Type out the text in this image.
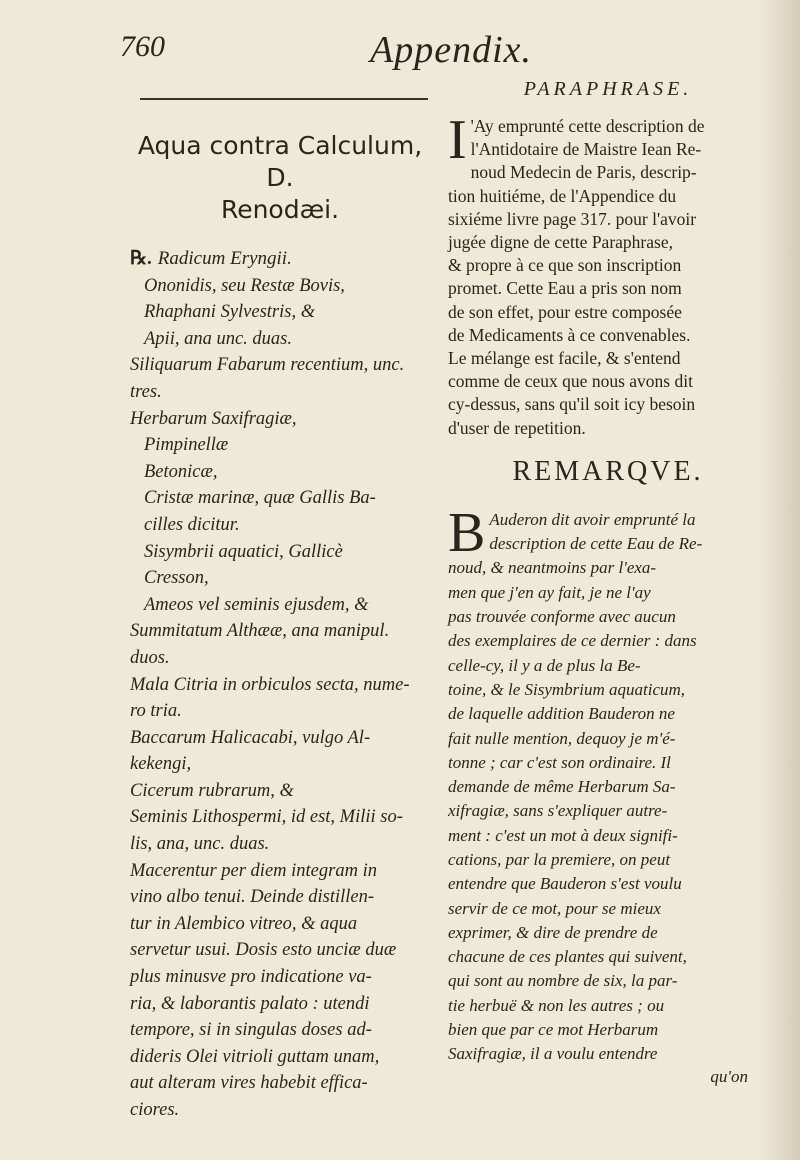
760	Appendix.
Aqua contra Calculum, D.
Renodæi.
℞. Radicum Eryngii.
Ononidis, seu Restæ Bovis,
Rhaphani Sylvestris, &
Apii, ana unc. duas.
Siliquarum Fabarum recentium, unc.
tres.
Herbarum Saxifragiæ,
Pimpinellæ
Betonicæ,
Cristæ marinæ, quæ Gallis Ba-
cilles dicitur.
Sisymbrii aquatici, Gallicè
Cresson,
Ameos vel seminis ejusdem, &
Summitatum Althææ, ana manipul.
duos.
Mala Citria in orbiculos secta, nume-
ro tria.
Baccarum Halicacabi, vulgo Al-
kekengi,
Cicerum rubrarum, &
Seminis Lithospermi, id est, Milii so-
lis, ana, unc. duas.
Macerentur per diem integram in
vino albo tenui. Deinde distillen-
tur in Alembico vitreo, & aqua
servetur usui. Dosis esto unciæ duæ
plus minusve pro indicatione va-
ria, & laborantis palato : utendi
tempore, si in singulas doses ad-
dideris Olei vitrioli guttam unam,
aut alteram vires habebit effica-
ciores.
PARAPHRASE.
I 'Ay emprunté cette description de
l'Antidotaire de Maistre Iean Re-
noud Medecin de Paris, descrip-
tion huitiéme, de l'Appendice du
sixiéme livre page 317. pour l'avoir
jugée digne de cette Paraphrase,
& propre à ce que son inscription
promet. Cette Eau a pris son nom
de son effet, pour estre composée
de Medicaments à ce convenables.
Le mélange est facile, & s'entend
comme de ceux que nous avons dit
cy-dessus, sans qu'il soit icy besoin
d'user de repetition.
REMARQVE.
B Auderon dit avoir emprunté la
description de cette Eau de Re-
noud, & neantmoins par l'exa-
men que j'en ay fait, je ne l'ay
pas trouvée conforme avec aucun
des exemplaires de ce dernier : dans
celle-cy, il y a de plus la Be-
toine, & le Sisymbrium aquaticum,
de laquelle addition Bauderon ne
fait nulle mention, dequoy je m'é-
tonne ; car c'est son ordinaire. Il
demande de même Herbarum Sa-
xifragiæ, sans s'expliquer autre-
ment : c'est un mot à deux signifi-
cations, par la premiere, on peut
entendre que Bauderon s'est voulu
servir de ce mot, pour se mieux
exprimer, & dire de prendre de
chacune de ces plantes qui suivent,
qui sont au nombre de six, la par-
tie herbuë & non les autres ; ou
bien que par ce mot Herbarum
Saxifragiæ, il a voulu entendre
qu'on
